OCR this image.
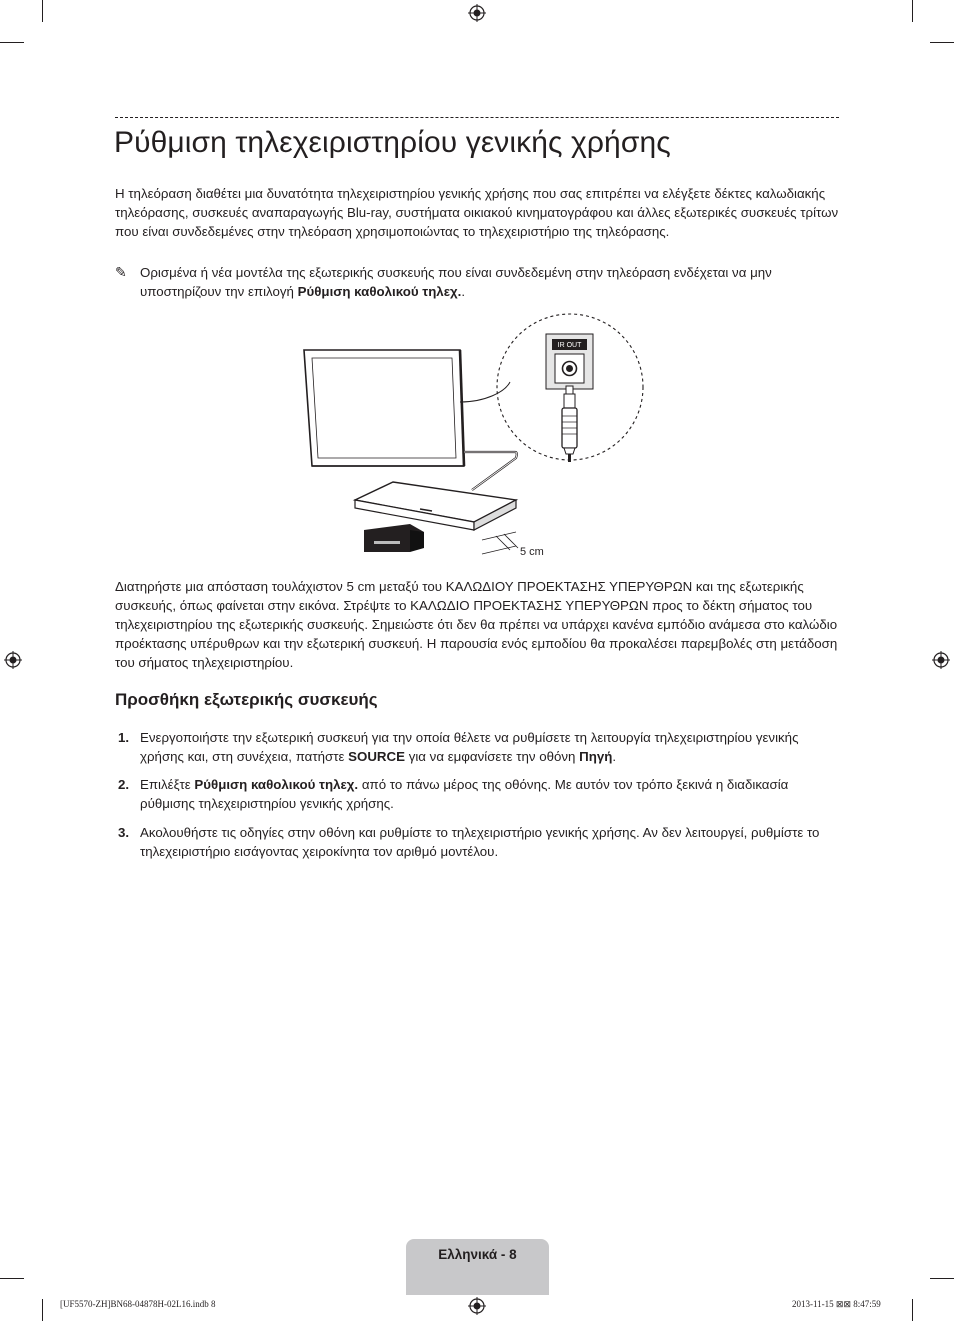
Ρύθμιση τηλεχειριστηρίου γενικής χρήσης

Η τηλεόραση διαθέτει μια δυνατότητα τηλεχειριστηρίου γενικής χρήσης που σας επιτρέπει να ελέγξετε δέκτες καλωδιακής τηλεόρασης, συσκευές αναπαραγωγής Blu-ray, συστήματα οικιακού κινηματογράφου και άλλες εξωτερικές συσκευές τρίτων που είναι συνδεδεμένες στην τηλεόραση χρησιμοποιώντας το τηλεχειριστήριο της τηλεόρασης.

✎ Ορισμένα ή νέα μοντέλα της εξωτερικής συσκευής που είναι συνδεδεμένη στην τηλεόραση ενδέχεται να μην υποστηρίζουν την επιλογή Ρύθμιση καθολικού τηλεχ..
5 cm
IR OUT

Διατηρήστε μια απόσταση τουλάχιστον 5 cm μεταξύ του ΚΑΛΩΔΙΟΥ ΠΡΟΕΚΤΑΣΗΣ ΥΠΕΡΥΘΡΩΝ και της εξωτερικής συσκευής, όπως φαίνεται στην εικόνα. Στρέψτε το ΚΑΛΩΔΙΟ ΠΡΟΕΚΤΑΣΗΣ ΥΠΕΡΥΘΡΩΝ προς το δέκτη σήματος του τηλεχειριστηρίου της εξωτερικής συσκευής. Σημειώστε ότι δεν θα πρέπει να υπάρχει κανένα εμπόδιο ανάμεσα στο καλώδιο προέκτασης υπέρυθρων και την εξωτερική συσκευή. Η παρουσία ενός εμποδίου θα προκαλέσει παρεμβολές στη μετάδοση του σήματος τηλεχειριστηρίου.

Προσθήκη εξωτερικής συσκευής
1. Ενεργοποιήστε την εξωτερική συσκευή για την οποία θέλετε να ρυθμίσετε τη λειτουργία τηλεχειριστηρίου γενικής χρήσης και, στη συνέχεια, πατήστε SOURCE για να εμφανίσετε την οθόνη Πηγή.
2. Επιλέξτε Ρύθμιση καθολικού τηλεχ. από το πάνω μέρος της οθόνης. Με αυτόν τον τρόπο ξεκινά η διαδικασία ρύθμισης τηλεχειριστηρίου γενικής χρήσης.
3. Ακολουθήστε τις οδηγίες στην οθόνη και ρυθμίστε το τηλεχειριστήριο γενικής χρήσης. Αν δεν λειτουργεί, ρυθμίστε το τηλεχειριστήριο εισάγοντας χειροκίνητα τον αριθμό μοντέλου.
Ελληνικά - 8
[UF5570-ZH]BN68-04878H-02L16.indb 8	2013-11-15 ⊠⊠ 8:47:59
